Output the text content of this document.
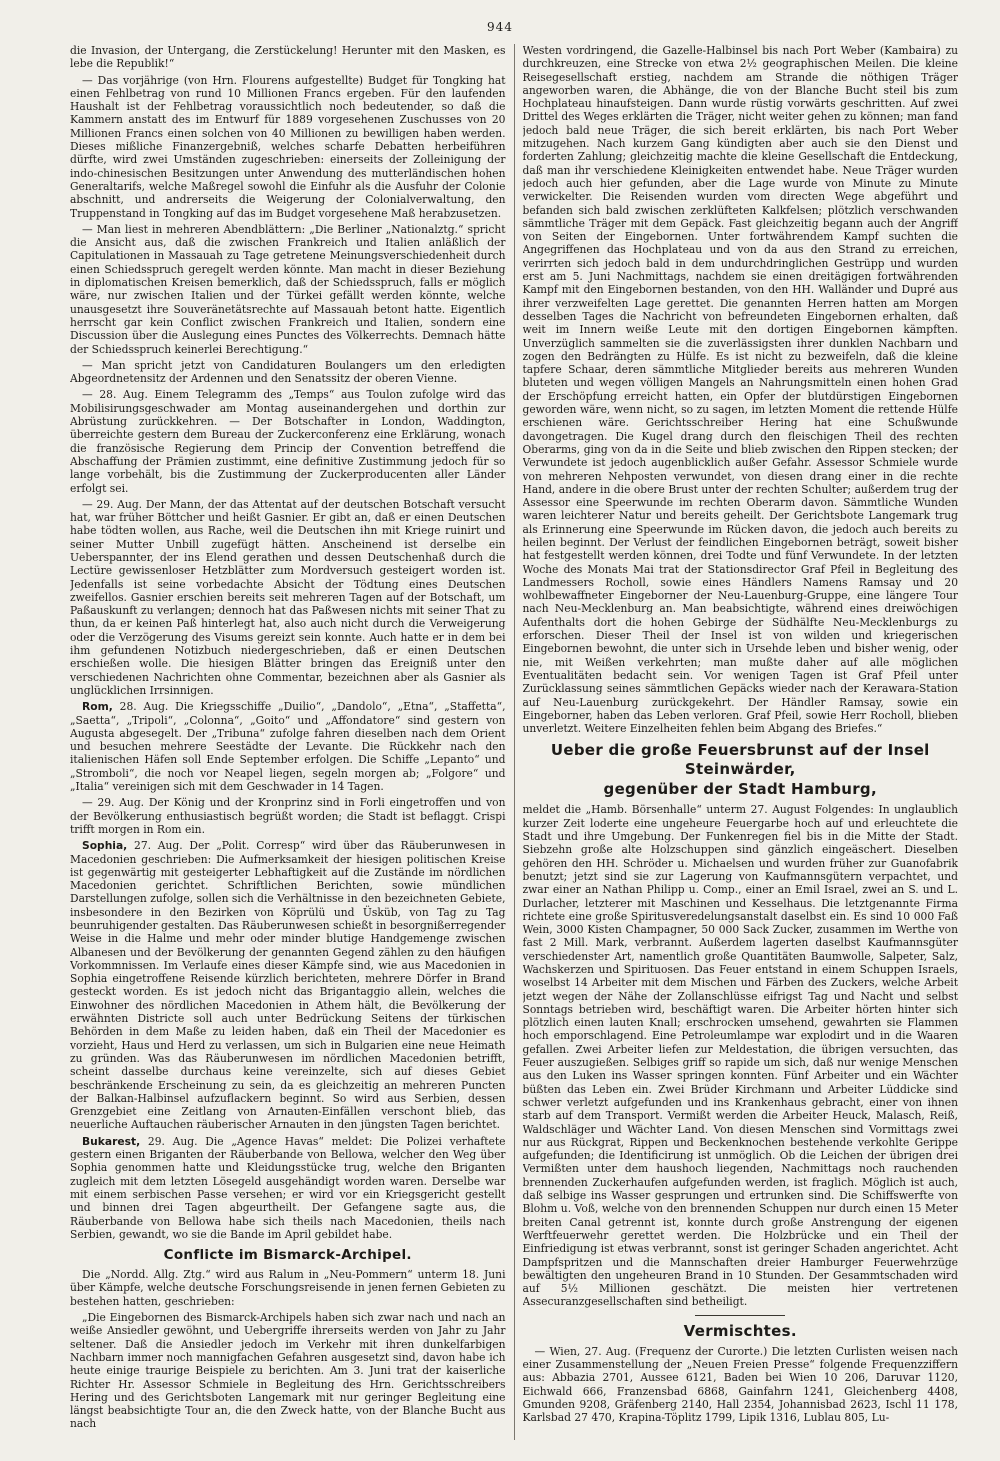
944

die Invasion, der Untergang, die Zerstückelung! Herunter mit den Masken, es lebe die Republik!“

— Das vorjährige (von Hrn. Flourens aufgestellte) Budget für Tongking hat einen Fehlbetrag von rund 10 Millionen Francs ergeben. Für den laufenden Haushalt ist der Fehlbetrag voraussichtlich noch bedeutender, so daß die Kammern anstatt des im Entwurf für 1889 vorgesehenen Zuschusses von 20 Millionen Francs einen solchen von 40 Millionen zu bewilligen haben werden. Dieses mißliche Finanzergebniß, welches scharfe Debatten herbeiführen dürfte, wird zwei Umständen zugeschrieben: einerseits der Zolleinigung der indo-chinesischen Besitzungen unter Anwendung des mutterländischen hohen Generaltarifs, welche Maßregel sowohl die Einfuhr als die Ausfuhr der Colonie abschnitt, und andrerseits die Weigerung der Colonialverwaltung, den Truppenstand in Tongking auf das im Budget vorgesehene Maß herabzusetzen.

— Man liest in mehreren Abendblättern: „Die Berliner „Nationalztg.“ spricht die Ansicht aus, daß die zwischen Frankreich und Italien anläßlich der Capitulationen in Massauah zu Tage getretene Meinungsverschiedenheit durch einen Schiedsspruch geregelt werden könnte. Man macht in dieser Beziehung in diplomatischen Kreisen bemerklich, daß der Schiedsspruch, falls er möglich wäre, nur zwischen Italien und der Türkei gefällt werden könnte, welche unausgesetzt ihre Souveränetätsrechte auf Massauah betont hatte. Eigentlich herrscht gar kein Conflict zwischen Frankreich und Italien, sondern eine Discussion über die Auslegung eines Punctes des Völkerrechts. Demnach hätte der Schiedsspruch keinerlei Berechtigung.“

— Man spricht jetzt von Candidaturen Boulangers um den erledigten Abgeordnetensitz der Ardennen und den Senatssitz der oberen Vienne.

— 28. Aug. Einem Telegramm des „Temps“ aus Toulon zufolge wird das Mobilisirungsgeschwader am Montag auseinandergehen und dorthin zur Abrüstung zurückkehren. — Der Botschafter in London, Waddington, überreichte gestern dem Bureau der Zuckerconferenz eine Erklärung, wonach die französische Regierung dem Princip der Convention betreffend die Abschaffung der Prämien zustimmt, eine definitive Zustimmung jedoch für so lange vorbehält, bis die Zustimmung der Zuckerproducenten aller Länder erfolgt sei.

— 29. Aug. Der Mann, der das Attentat auf der deutschen Botschaft versucht hat, war früher Böttcher und heißt Gasnier. Er gibt an, daß er einen Deutschen habe tödten wollen, aus Rache, weil die Deutschen ihn mit Kriege ruinirt und seiner Mutter Unbill zugefügt hätten. Anscheinend ist derselbe ein Ueberspannter, der ins Elend gerathen und dessen Deutschenhaß durch die Lectüre gewissenloser Hetzblätter zum Mordversuch gesteigert worden ist. Jedenfalls ist seine vorbedachte Absicht der Tödtung eines Deutschen zweifellos. Gasnier erschien bereits seit mehreren Tagen auf der Botschaft, um Paßauskunft zu verlangen; dennoch hat das Paßwesen nichts mit seiner That zu thun, da er keinen Paß hinterlegt hat, also auch nicht durch die Verweigerung oder die Verzögerung des Visums gereizt sein konnte. Auch hatte er in dem bei ihm gefundenen Notizbuch niedergeschrieben, daß er einen Deutschen erschießen wolle. Die hiesigen Blätter bringen das Ereigniß unter den verschiedenen Nachrichten ohne Commentar, bezeichnen aber als Gasnier als unglücklichen Irrsinnigen.

Rom, 28. Aug. Die Kriegsschiffe „Duilio“, „Dandolo“, „Etna“, „Staffetta“, „Saetta“, „Tripoli“, „Colonna“, „Goito“ und „Affondatore“ sind gestern von Augusta abgesegelt. Der „Tribuna“ zufolge fahren dieselben nach dem Orient und besuchen mehrere Seestädte der Levante. Die Rückkehr nach den italienischen Häfen soll Ende September erfolgen. Die Schiffe „Lepanto“ und „Stromboli“, die noch vor Neapel liegen, segeln morgen ab; „Folgore“ und „Italia“ vereinigen sich mit dem Geschwader in 14 Tagen.

— 29. Aug. Der König und der Kronprinz sind in Forli eingetroffen und von der Bevölkerung enthusiastisch begrüßt worden; die Stadt ist beflaggt. Crispi trifft morgen in Rom ein.

Sophia, 27. Aug. Der „Polit. Corresp“ wird über das Räuberunwesen in Macedonien geschrieben: Die Aufmerksamkeit der hiesigen politischen Kreise ist gegenwärtig mit gesteigerter Lebhaftigkeit auf die Zustände im nördlichen Macedonien gerichtet. Schriftlichen Berichten, sowie mündlichen Darstellungen zufolge, sollen sich die Verhältnisse in den bezeichneten Gebiete, insbesondere in den Bezirken von Köprülü und Üsküb, von Tag zu Tag beunruhigender gestalten. Das Räuberunwesen schießt in besorgnißerregender Weise in die Halme und mehr oder minder blutige Handgemenge zwischen Albanesen und der Bevölkerung der genannten Gegend zählen zu den häufigen Vorkommnissen. Im Verlaufe eines dieser Kämpfe sind, wie aus Macedonien in Sophia eingetroffene Reisende kürzlich berichteten, mehrere Dörfer in Brand gesteckt worden. Es ist jedoch nicht das Brigantaggio allein, welches die Einwohner des nördlichen Macedonien in Athem hält, die Bevölkerung der erwähnten Districte soll auch unter Bedrückung Seitens der türkischen Behörden in dem Maße zu leiden haben, daß ein Theil der Macedonier es vorzieht, Haus und Herd zu verlassen, um sich in Bulgarien eine neue Heimath zu gründen. Was das Räuberunwesen im nördlichen Macedonien betrifft, scheint dasselbe durchaus keine vereinzelte, sich auf dieses Gebiet beschränkende Erscheinung zu sein, da es gleichzeitig an mehreren Puncten der Balkan-Halbinsel aufzuflackern beginnt. So wird aus Serbien, dessen Grenzgebiet eine Zeitlang von Arnauten-Einfällen verschont blieb, das neuerliche Auftauchen räuberischer Arnauten in den jüngsten Tagen berichtet.

Bukarest, 29. Aug. Die „Agence Havas“ meldet: Die Polizei verhaftete gestern einen Briganten der Räuberbande von Bellowa, welcher den Weg über Sophia genommen hatte und Kleidungsstücke trug, welche den Briganten zugleich mit dem letzten Lösegeld ausgehändigt worden waren. Derselbe war mit einem serbischen Passe versehen; er wird vor ein Kriegsgericht gestellt und binnen drei Tagen abgeurtheilt. Der Gefangene sagte aus, die Räuberbande von Bellowa habe sich theils nach Macedonien, theils nach Serbien, gewandt, wo sie die Bande im April gebildet habe.

Conflicte im Bismarck-Archipel.

Die „Nordd. Allg. Ztg.“ wird aus Ralum in „Neu-Pommern“ unterm 18. Juni über Kämpfe, welche deutsche Forschungsreisende in jenen fernen Gebieten zu bestehen hatten, geschrieben:

„Die Eingebornen des Bismarck-Archipels haben sich zwar nach und nach an weiße Ansiedler gewöhnt, und Uebergriffe ihrerseits werden von Jahr zu Jahr seltener. Daß die Ansiedler jedoch im Verkehr mit ihren dunkelfarbigen Nachbarn immer noch mannigfachen Gefahren ausgesetzt sind, davon habe ich heute einige traurige Beispiele zu berichten. Am 3. Juni trat der kaiserliche Richter Hr. Assessor Schmiele in Begleitung des Hrn. Gerichtsschreibers Hering und des Gerichtsboten Langemark mit nur geringer Begleitung eine längst beabsichtigte Tour an, die den Zweck hatte, von der Blanche Bucht aus nach

Westen vordringend, die Gazelle-Halbinsel bis nach Port Weber (Kambaira) zu durchkreuzen, eine Strecke von etwa 2½ geographischen Meilen. Die kleine Reisegesellschaft erstieg, nachdem am Strande die nöthigen Träger angeworben waren, die Abhänge, die von der Blanche Bucht steil bis zum Hochplateau hinaufsteigen. Dann wurde rüstig vorwärts geschritten. Auf zwei Drittel des Weges erklärten die Träger, nicht weiter gehen zu können; man fand jedoch bald neue Träger, die sich bereit erklärten, bis nach Port Weber mitzugehen. Nach kurzem Gang kündigten aber auch sie den Dienst und forderten Zahlung; gleichzeitig machte die kleine Gesellschaft die Entdeckung, daß man ihr verschiedene Kleinigkeiten entwendet habe. Neue Träger wurden jedoch auch hier gefunden, aber die Lage wurde von Minute zu Minute verwickelter. Die Reisenden wurden vom directen Wege abgeführt und befanden sich bald zwischen zerklüfteten Kalkfelsen; plötzlich verschwanden sämmtliche Träger mit dem Gepäck. Fast gleichzeitig begann auch der Angriff von Seiten der Eingebornen. Unter fortwährendem Kampf suchten die Angegriffenen das Hochplateau und von da aus den Strand zu erreichen, verirrten sich jedoch bald in dem undurchdringlichen Gestrüpp und wurden erst am 5. Juni Nachmittags, nachdem sie einen dreitägigen fortwährenden Kampf mit den Eingebornen bestanden, von den HH. Walländer und Dupré aus ihrer verzweifelten Lage gerettet. Die genannten Herren hatten am Morgen desselben Tages die Nachricht von befreundeten Eingebornen erhalten, daß weit im Innern weiße Leute mit den dortigen Eingebornen kämpften. Unverzüglich sammelten sie die zuverlässigsten ihrer dunklen Nachbarn und zogen den Bedrängten zu Hülfe. Es ist nicht zu bezweifeln, daß die kleine tapfere Schaar, deren sämmtliche Mitglieder bereits aus mehreren Wunden bluteten und wegen völligen Mangels an Nahrungsmitteln einen hohen Grad der Erschöpfung erreicht hatten, ein Opfer der blutdürstigen Eingebornen geworden wäre, wenn nicht, so zu sagen, im letzten Moment die rettende Hülfe erschienen wäre. Gerichtsschreiber Hering hat eine Schußwunde davongetragen. Die Kugel drang durch den fleischigen Theil des rechten Oberarms, ging von da in die Seite und blieb zwischen den Rippen stecken; der Verwundete ist jedoch augenblicklich außer Gefahr. Assessor Schmiele wurde von mehreren Nehposten verwundet, von diesen drang einer in die rechte Hand, andere in die obere Brust unter der rechten Schulter; außerdem trug der Assessor eine Speerwunde im rechten Oberarm davon. Sämmtliche Wunden waren leichterer Natur und bereits geheilt. Der Gerichtsbote Langemark trug als Erinnerung eine Speerwunde im Rücken davon, die jedoch auch bereits zu heilen beginnt. Der Verlust der feindlichen Eingebornen beträgt, soweit bisher hat festgestellt werden können, drei Todte und fünf Verwundete. In der letzten Woche des Monats Mai trat der Stationsdirector Graf Pfeil in Begleitung des Landmessers Rocholl, sowie eines Händlers Namens Ramsay und 20 wohlbewaffneter Eingeborner der Neu-Lauenburg-Gruppe, eine längere Tour nach Neu-Mecklenburg an. Man beabsichtigte, während eines dreiwöchigen Aufenthalts dort die hohen Gebirge der Südhälfte Neu-Mecklenburgs zu erforschen. Dieser Theil der Insel ist von wilden und kriegerischen Eingebornen bewohnt, die unter sich in Ursehde leben und bisher wenig, oder nie, mit Weißen verkehrten; man mußte daher auf alle möglichen Eventualitäten bedacht sein. Vor wenigen Tagen ist Graf Pfeil unter Zurücklassung seines sämmtlichen Gepäcks wieder nach der Kerawara-Station auf Neu-Lauenburg zurückgekehrt. Der Händler Ramsay, sowie ein Eingeborner, haben das Leben verloren. Graf Pfeil, sowie Herr Rocholl, blieben unverletzt. Weitere Einzelheiten fehlen beim Abgang des Briefes.“

Ueber die große Feuersbrunst auf der Insel Steinwärder,
gegenüber der Stadt Hamburg,

meldet die „Hamb. Börsenhalle“ unterm 27. August Folgendes: In unglaublich kurzer Zeit loderte eine ungeheure Feuergarbe hoch auf und erleuchtete die Stadt und ihre Umgebung. Der Funkenregen fiel bis in die Mitte der Stadt. Siebzehn große alte Holzschuppen sind gänzlich eingeäschert. Dieselben gehören den HH. Schröder u. Michaelsen und wurden früher zur Guanofabrik benutzt; jetzt sind sie zur Lagerung von Kaufmannsgütern verpachtet, und zwar einer an Nathan Philipp u. Comp., einer an Emil Israel, zwei an S. und L. Durlacher, letzterer mit Maschinen und Kesselhaus. Die letztgenannte Firma richtete eine große Spiritusveredelungsanstalt daselbst ein. Es sind 10 000 Faß Wein, 3000 Kisten Champagner, 50 000 Sack Zucker, zusammen im Werthe von fast 2 Mill. Mark, verbrannt. Außerdem lagerten daselbst Kaufmannsgüter verschiedenster Art, namentlich große Quantitäten Baumwolle, Salpeter, Salz, Wachskerzen und Spirituosen. Das Feuer entstand in einem Schuppen Israels, woselbst 14 Arbeiter mit dem Mischen und Färben des Zuckers, welche Arbeit jetzt wegen der Nähe der Zollanschlüsse eifrigst Tag und Nacht und selbst Sonntags betrieben wird, beschäftigt waren. Die Arbeiter hörten hinter sich plötzlich einen lauten Knall; erschrocken umsehend, gewahrten sie Flammen hoch emporschlagend. Eine Petroleumlampe war explodirt und in die Waaren gefallen. Zwei Arbeiter liefen zur Meldestation, die übrigen versuchten, das Feuer auszugießen. Selbiges griff so rapide um sich, daß nur wenige Menschen aus den Luken ins Wasser springen konnten. Fünf Arbeiter und ein Wächter büßten das Leben ein. Zwei Brüder Kirchmann und Arbeiter Lüddicke sind schwer verletzt aufgefunden und ins Krankenhaus gebracht, einer von ihnen starb auf dem Transport. Vermißt werden die Arbeiter Heuck, Malasch, Reiß, Waldschläger und Wächter Land. Von diesen Menschen sind Vormittags zwei nur aus Rückgrat, Rippen und Beckenknochen bestehende verkohlte Gerippe aufgefunden; die Identificirung ist unmöglich. Ob die Leichen der übrigen drei Vermißten unter dem haushoch liegenden, Nachmittags noch rauchenden brennenden Zuckerhaufen aufgefunden werden, ist fraglich. Möglich ist auch, daß selbige ins Wasser gesprungen und ertrunken sind. Die Schiffswerfte von Blohm u. Voß, welche von den brennenden Schuppen nur durch einen 15 Meter breiten Canal getrennt ist, konnte durch große Anstrengung der eigenen Werftfeuerwehr gerettet werden. Die Holzbrücke und ein Theil der Einfriedigung ist etwas verbrannt, sonst ist geringer Schaden angerichtet. Acht Dampfspritzen und die Mannschaften dreier Hamburger Feuerwehrzüge bewältigten den ungeheuren Brand in 10 Stunden. Der Gesammtschaden wird auf 5½ Millionen geschätzt. Die meisten hier vertretenen Assecuranzgesellschaften sind betheiligt.

Vermischtes.

— Wien, 27. Aug. (Frequenz der Curorte.) Die letzten Curlisten weisen nach einer Zusammenstellung der „Neuen Freien Presse“ folgende Frequenzziffern aus: Abbazia 2701, Aussee 6121, Baden bei Wien 10 206, Daruvar 1120, Eichwald 666, Franzensbad 6868, Gainfahrn 1241, Gleichenberg 4408, Gmunden 9208, Gräfenberg 2140, Hall 2354, Johannisbad 2623, Ischl 11 178, Karlsbad 27 470, Krapina-Töplitz 1799, Lipik 1316, Lublau 805, Lu-
